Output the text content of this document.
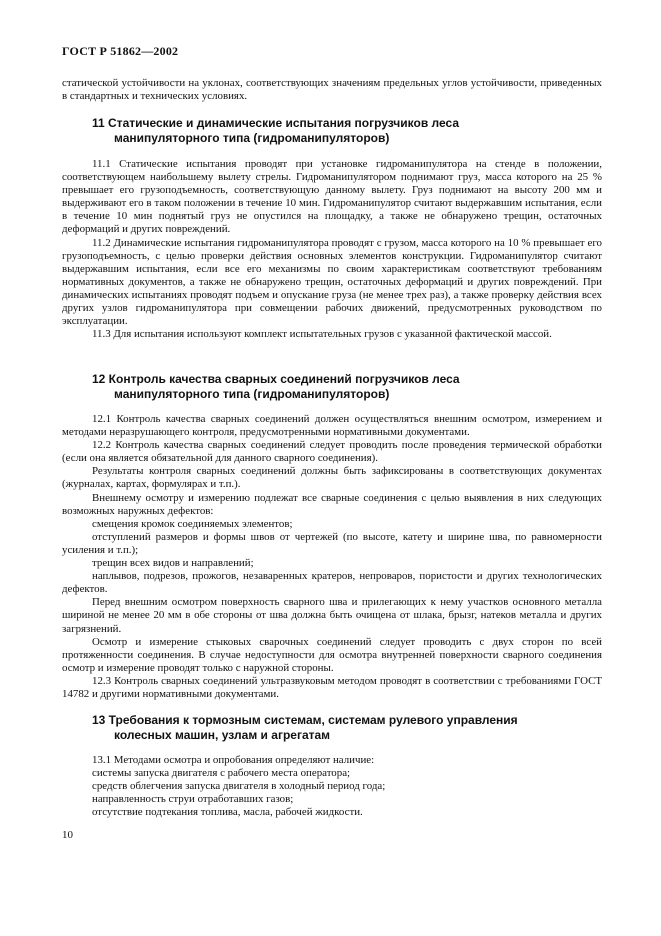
ГОСТ Р 51862—2002

статической устойчивости на уклонах, соответствующих значениям предельных углов устойчивости, приведенных в стандартных и технических условиях.

11 Статические и динамические испытания погрузчиков леса
манипуляторного типа (гидроманипуляторов)

11.1 Статические испытания проводят при установке гидроманипулятора на стенде в положении, соответствующем наибольшему вылету стрелы. Гидроманипулятором поднимают груз, масса которого на 25 % превышает его грузоподъемность, соответствующую данному вылету. Груз поднимают на высоту 200 мм и выдерживают его в таком положении в течение 10 мин. Гидроманипулятор считают выдержавшим испытания, если в течение 10 мин поднятый груз не опустился на площадку, а также не обнаружено трещин, остаточных деформаций и других повреждений.

11.2 Динамические испытания гидроманипулятора проводят с грузом, масса которого на 10 % превышает его грузоподъемность, с целью проверки действия основных элементов конструкции. Гидроманипулятор считают выдержавшим испытания, если все его механизмы по своим характеристикам соответствуют требованиям нормативных документов, а также не обнаружено трещин, остаточных деформаций и других повреждений. При динамических испытаниях проводят подъем и опускание груза (не менее трех раз), а также проверку действия всех других узлов гидроманипулятора при совмещении рабочих движений, предусмотренных руководством по эксплуатации.

11.3 Для испытания используют комплект испытательных грузов с указанной фактической массой.

12 Контроль качества сварных соединений погрузчиков леса
манипуляторного типа (гидроманипуляторов)

12.1 Контроль качества сварных соединений должен осуществляться внешним осмотром, измерением и методами неразрушающего контроля, предусмотренными нормативными документами.

12.2 Контроль качества сварных соединений следует проводить после проведения термической обработки (если она является обязательной для данного сварного соединения).

Результаты контроля сварных соединений должны быть зафиксированы в соответствующих документах (журналах, картах, формулярах и т.п.).

Внешнему осмотру и измерению подлежат все сварные соединения с целью выявления в них следующих возможных наружных дефектов:

смещения кромок соединяемых элементов;

отступлений размеров и формы швов от чертежей (по высоте, катету и ширине шва, по равномерности усиления и т.п.);

трещин всех видов и направлений;

наплывов, подрезов, прожогов, незаваренных кратеров, непроваров, пористости и других технологических дефектов.

Перед внешним осмотром поверхность сварного шва и прилегающих к нему участков основного металла шириной не менее 20 мм в обе стороны от шва должна быть очищена от шлака, брызг, натеков металла и других загрязнений.

Осмотр и измерение стыковых сварочных соединений следует проводить с двух сторон по всей протяженности соединения. В случае недоступности для осмотра внутренней поверхности сварного соединения осмотр и измерение проводят только с наружной стороны.

12.3 Контроль сварных соединений ультразвуковым методом проводят в соответствии с требованиями ГОСТ 14782 и другими нормативными документами.

13 Требования к тормозным системам, системам рулевого управления
колесных машин, узлам и агрегатам

13.1 Методами осмотра и опробования определяют наличие:

системы запуска двигателя с рабочего места оператора;

средств облегчения запуска двигателя в холодный период года;

направленность струи отработавших газов;

отсутствие подтекания топлива, масла, рабочей жидкости.

10
